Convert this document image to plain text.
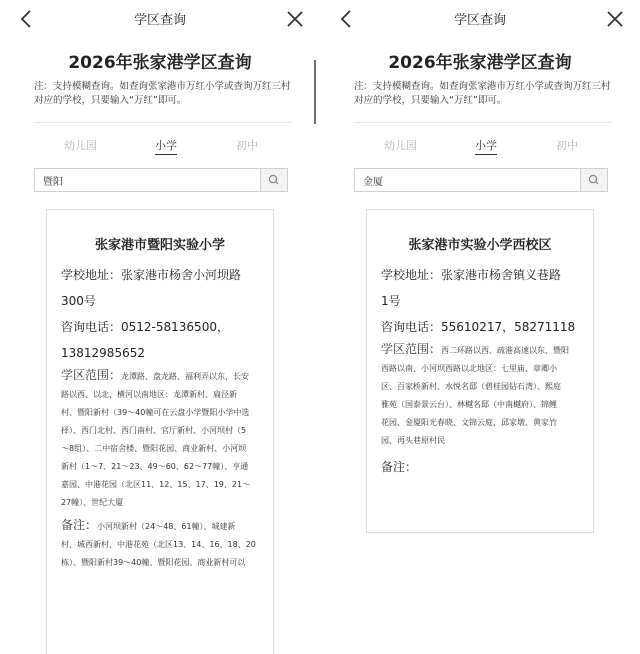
学区查询
2026年张家港学区查询
注：支持模糊查询。如查询张家港市万红小学或查询万红三村对应的学校，只要输入“万红”即可。
幼儿园	小学	初中
暨阳
张家港市暨阳实验小学
学校地址：张家港市杨舍小河坝路
300号
咨询电话：0512-58136500，
13812985652
学区范围：龙潭路、盘龙路、福利弄以东，长安
路以西、以北，横河以南地区：龙潭新村、扁泾新
村、暨阳新村（39～40幢可在云盘小学暨阳小学中选
择）、西门北村、西门南村、官厅新村、小河坝村（5
～8组）、二中宿舍楼、暨阳花园、商业新村、小河坝
新村（1～7、21～23、49～60、62～77幢）、亨通
嘉园、中港花园（北区11、12、15、17、19、21～
27幢）、世纪大厦
备注：小河坝新村（24～48、61幢）、城建新
村、城西新村、中港花苑（北区13、14、16、18、20
栋）、暨阳新村39～40幢、暨阳花园、商业新村可以
学区查询
2026年张家港学区查询
注：支持模糊查询。如查询张家港市万红小学或查询万红三村对应的学校，只要输入“万红”即可。
幼儿园	小学	初中
金厦
张家港市实验小学西校区
学校地址：张家港市杨舍镇义巷路
1号
咨询电话：55610217，58271118
学区范围：西二环路以西、疏港高速以东、暨阳
西路以南、小河坝西路以北地区：七里庙、章卿小
区、百家桥新村、水悦名邸（碧桂园钻石湾）、熙庭
雅苑（国泰景云台）、林樾名邸（中南樾府）、锦鲤
花园、金厦阳光春晓、文锦云庭，邱家墩、黄家竹
园、再头巷原村民
备注：
